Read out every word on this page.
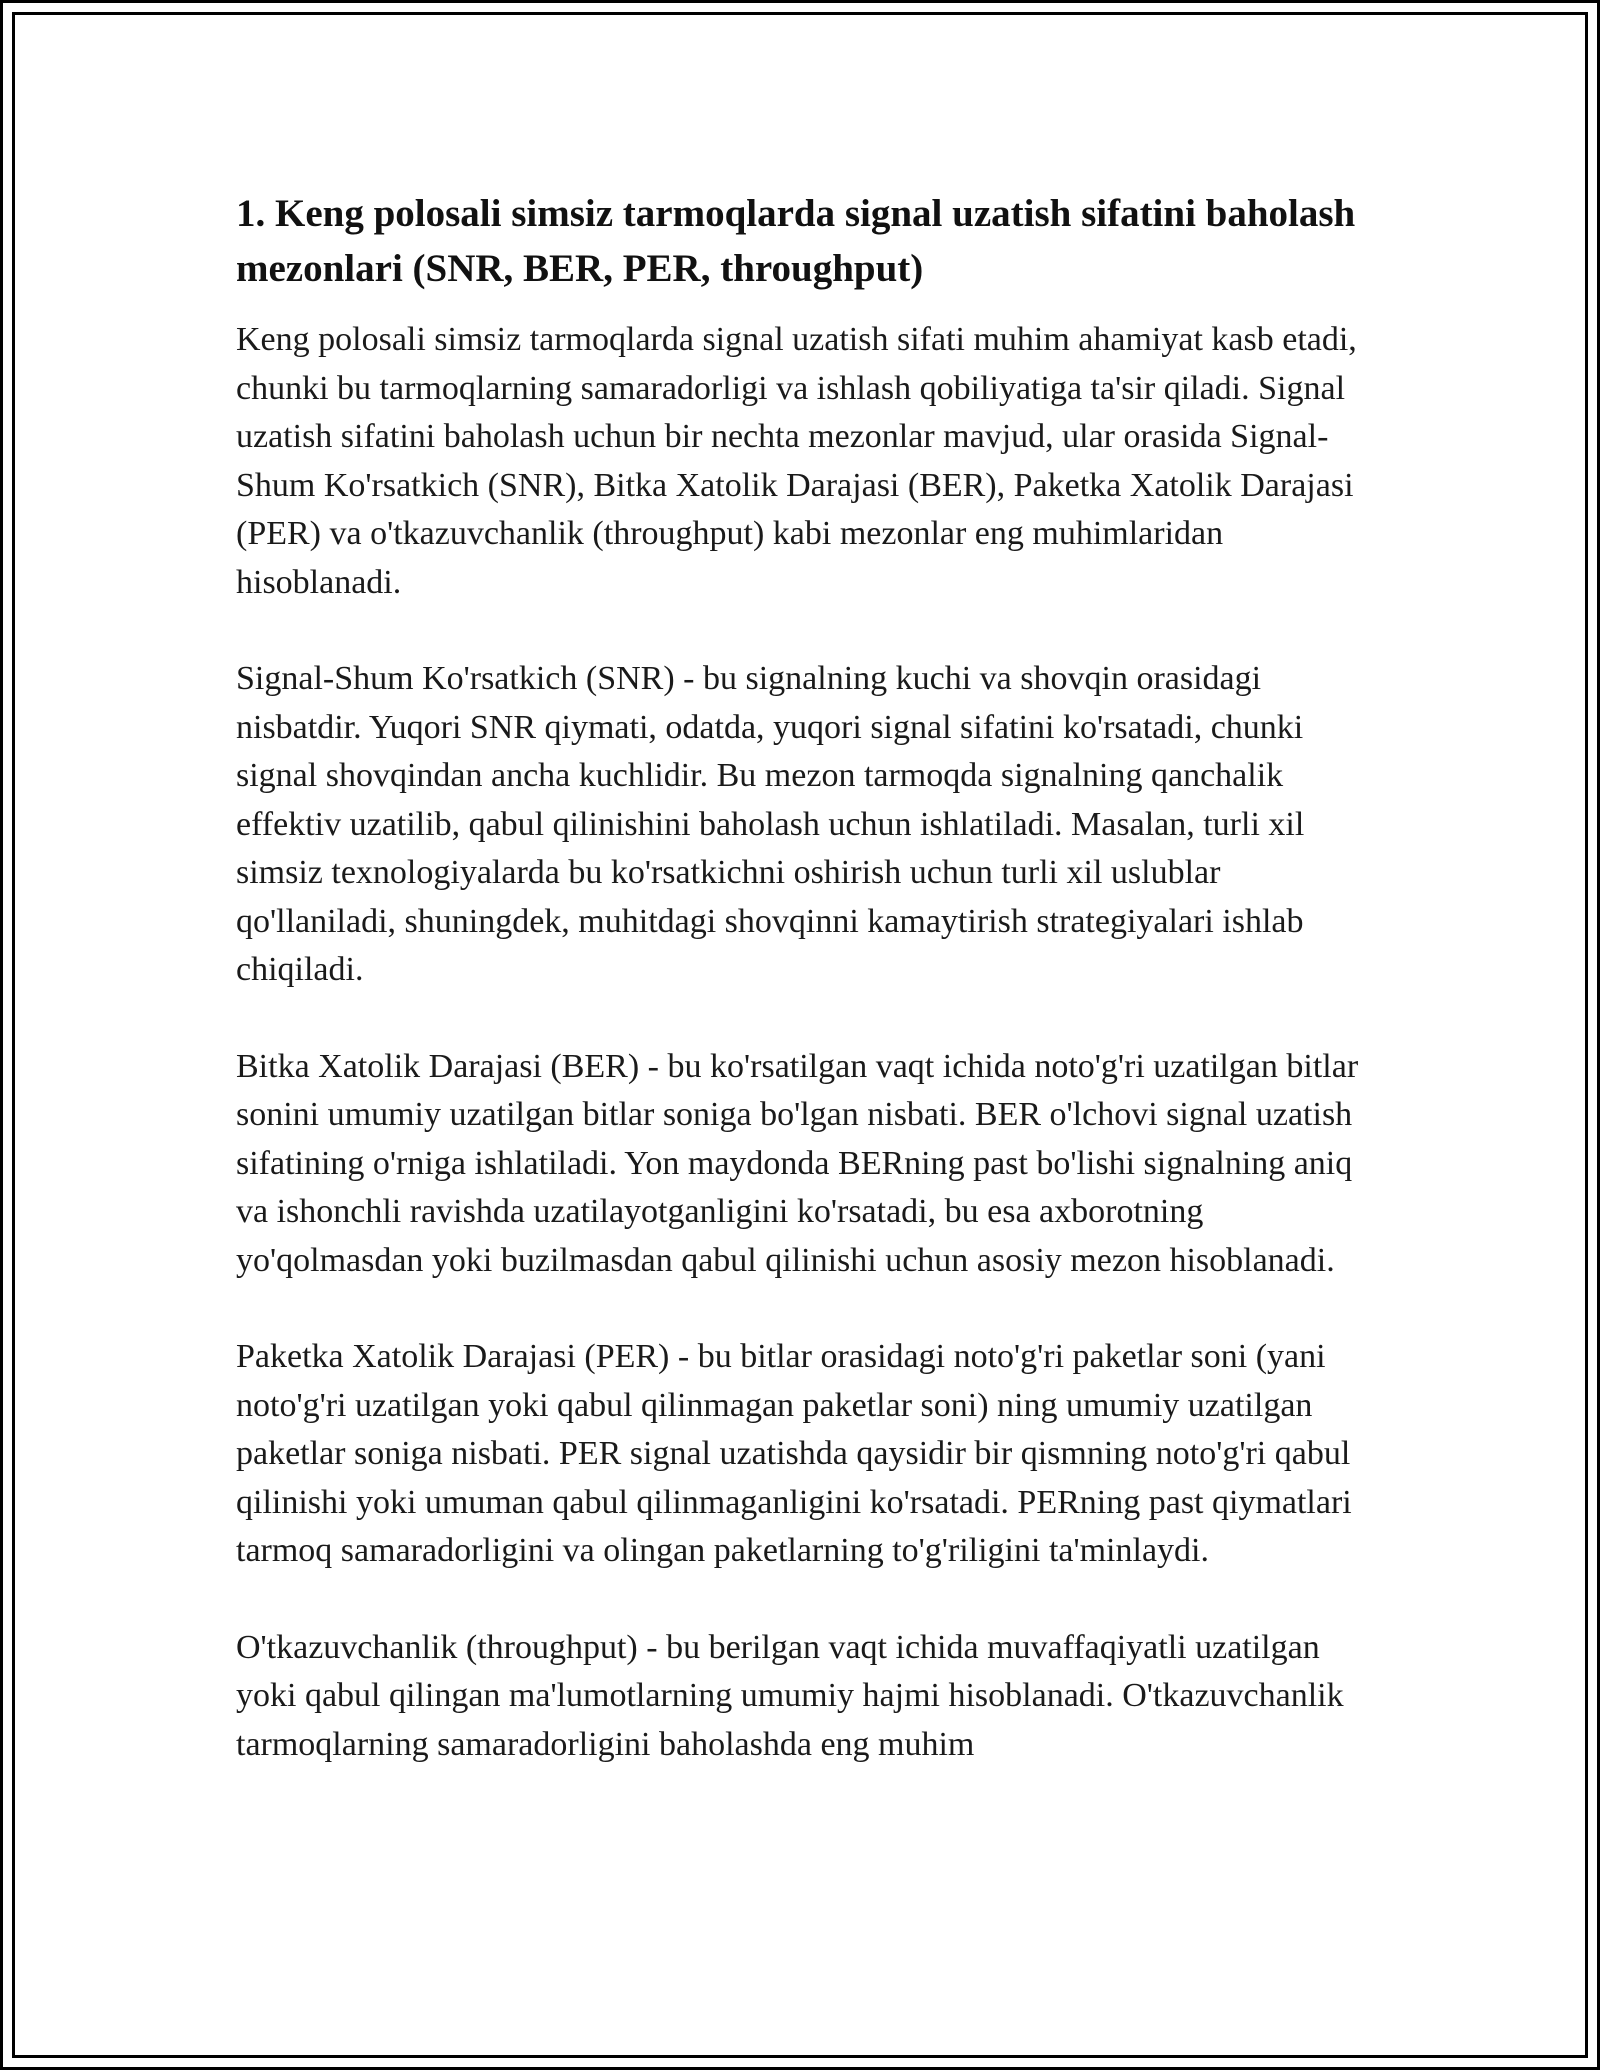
1. Keng polosali simsiz tarmoqlarda signal uzatish sifatini baholash mezonlari (SNR, BER, PER, throughput)

Keng polosali simsiz tarmoqlarda signal uzatish sifati muhim ahamiyat kasb etadi, chunki bu tarmoqlarning samaradorligi va ishlash qobiliyatiga ta'sir qiladi. Signal uzatish sifatini baholash uchun bir nechta mezonlar mavjud, ular orasida Signal-Shum Ko'rsatkich (SNR), Bitka Xatolik Darajasi (BER), Paketka Xatolik Darajasi (PER) va o'tkazuvchanlik (throughput) kabi mezonlar eng muhimlaridan hisoblanadi.

Signal-Shum Ko'rsatkich (SNR) - bu signalning kuchi va shovqin orasidagi nisbatdir. Yuqori SNR qiymati, odatda, yuqori signal sifatini ko'rsatadi, chunki signal shovqindan ancha kuchlidir. Bu mezon tarmoqda signalning qanchalik effektiv uzatilib, qabul qilinishini baholash uchun ishlatiladi. Masalan, turli xil simsiz texnologiyalarda bu ko'rsatkichni oshirish uchun turli xil uslublar qo'llaniladi, shuningdek, muhitdagi shovqinni kamaytirish strategiyalari ishlab chiqiladi.

Bitka Xatolik Darajasi (BER) - bu ko'rsatilgan vaqt ichida noto'g'ri uzatilgan bitlar sonini umumiy uzatilgan bitlar soniga bo'lgan nisbati. BER o'lchovi signal uzatish sifatining o'rniga ishlatiladi. Yon maydonda BERning past bo'lishi signalning aniq va ishonchli ravishda uzatilayotganligini ko'rsatadi, bu esa axborotning yo'qolmasdan yoki buzilmasdan qabul qilinishi uchun asosiy mezon hisoblanadi.

Paketka Xatolik Darajasi (PER) - bu bitlar orasidagi noto'g'ri paketlar soni (yani noto'g'ri uzatilgan yoki qabul qilinmagan paketlar soni) ning umumiy uzatilgan paketlar soniga nisbati. PER signal uzatishda qaysidir bir qismning noto'g'ri qabul qilinishi yoki umuman qabul qilinmaganligini ko'rsatadi. PERning past qiymatlari tarmoq samaradorligini va olingan paketlarning to'g'riligini ta'minlaydi.

O'tkazuvchanlik (throughput) - bu berilgan vaqt ichida muvaffaqiyatli uzatilgan yoki qabul qilingan ma'lumotlarning umumiy hajmi hisoblanadi. O'tkazuvchanlik tarmoqlarning samaradorligini baholashda eng muhim
